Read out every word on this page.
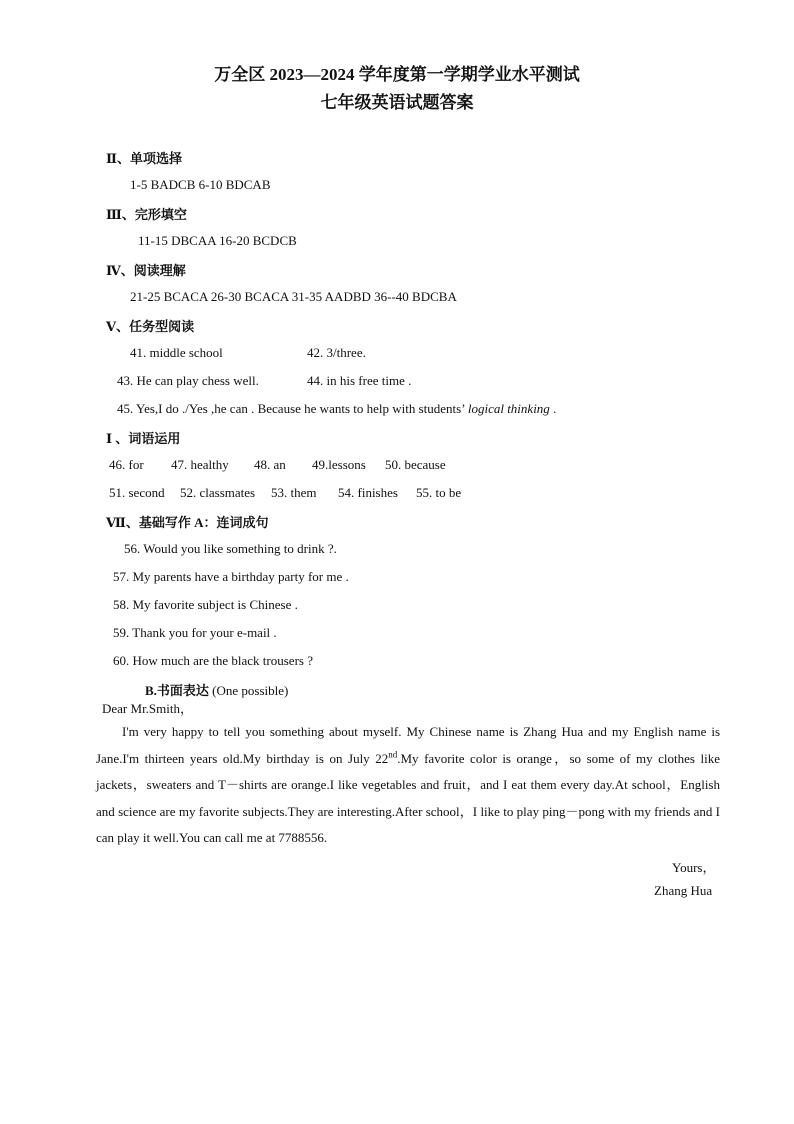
万全区 2023—2024 学年度第一学期学业水平测试
七年级英语试题答案
Ⅱ、单项选择
1-5 BADCB 6-10 BDCAB
Ⅲ、完形填空
11-15 DBCAA 16-20 BCDCB
Ⅳ、阅读理解
21-25 BCACA 26-30 BCACA 31-35 AADBD 36--40 BDCBA
Ⅴ、任务型阅读
41. middle school	42. 3/three.
43. He can play chess well.	44. in his free time .
45. Yes,I do ./Yes ,he can . Because he wants to help with students’ logical thinking .
Ⅰ 、词语运用
46. for 47. healthy 48. an 49.lessons 50. because
51. second 52. classmates 53. them 54. finishes 55. to be
Ⅶ、基础写作 A：连词成句
56. Would you like something to drink ?.
57. My parents have a birthday party for me .
58. My favorite subject is Chinese .
59. Thank you for your e-mail .
60. How much are the black trousers ?
B.书面表达 (One possible)
Dear Mr.Smith，

I'm very happy to tell you something about myself. My Chinese name is Zhang Hua and my English name is Jane.I'm thirteen years old.My birthday is on July 22nd.My favorite color is orange，so some of my clothes like jackets，sweaters and T－shirts are orange.I like vegetables and fruit，and I eat them every day.At school，English and science are my favorite subjects.They are interesting.After school，I like to play ping－pong with my friends and I can play it well.You can call me at 7788556.

Yours，
Zhang Hua
